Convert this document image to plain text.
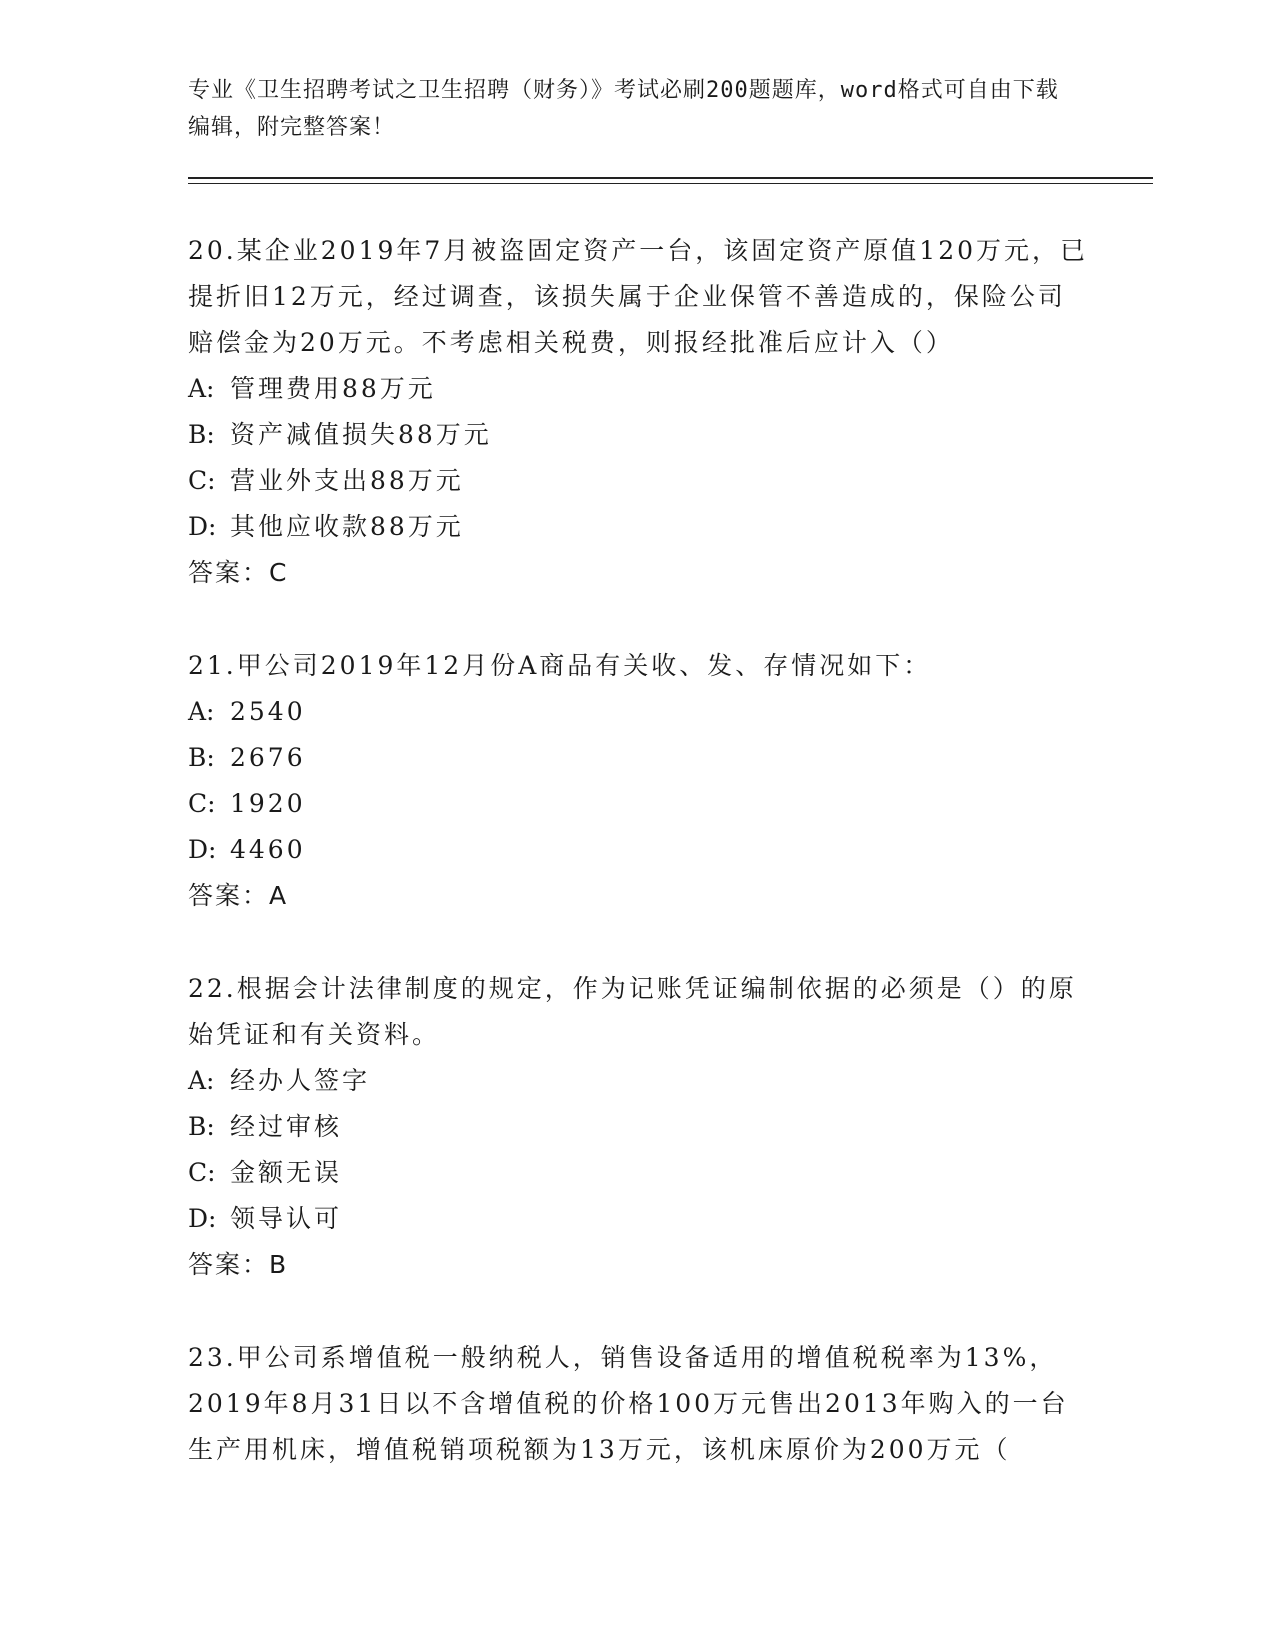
专业《卫生招聘考试之卫生招聘（财务）》考试必刷200题题库，word格式可自由下载编辑，附完整答案！

20.某企业2019年7月被盗固定资产一台，该固定资产原值120万元，已提折旧12万元，经过调查，该损失属于企业保管不善造成的，保险公司赔偿金为20万元。不考虑相关税费，则报经批准后应计入（）

A: 管理费用88万元

B: 资产减值损失88万元

C: 营业外支出88万元

D: 其他应收款88万元

答案：C

21.甲公司2019年12月份A商品有关收、发、存情况如下：

A: 2540

B: 2676

C: 1920

D: 4460

答案：A

22.根据会计法律制度的规定，作为记账凭证编制依据的必须是（）的原始凭证和有关资料。

A: 经办人签字

B: 经过审核

C: 金额无误

D: 领导认可

答案：B

23.甲公司系增值税一般纳税人，销售设备适用的增值税税率为13%，2019年8月31日以不含增值税的价格100万元售出2013年购入的一台生产用机床，增值税销项税额为13万元，该机床原价为200万元（
